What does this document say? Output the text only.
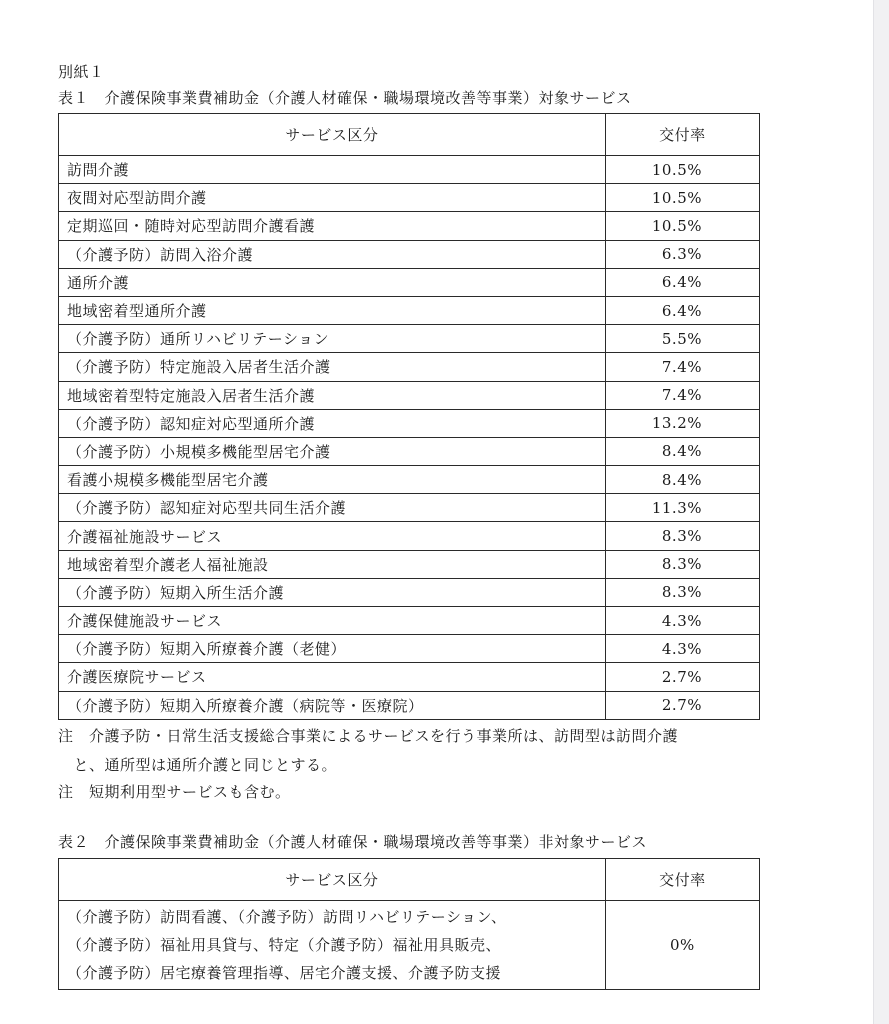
別紙１
表１　介護保険事業費補助金（介護人材確保・職場環境改善等事業）対象サービス
サービス区分	交付率
訪問介護	10.5%
夜間対応型訪問介護	10.5%
定期巡回・随時対応型訪問介護看護	10.5%
（介護予防）訪問入浴介護	6.3%
通所介護	6.4%
地域密着型通所介護	6.4%
（介護予防）通所リハビリテーション	5.5%
（介護予防）特定施設入居者生活介護	7.4%
地域密着型特定施設入居者生活介護	7.4%
（介護予防）認知症対応型通所介護	13.2%
（介護予防）小規模多機能型居宅介護	8.4%
看護小規模多機能型居宅介護	8.4%
（介護予防）認知症対応型共同生活介護	11.3%
介護福祉施設サービス	8.3%
地域密着型介護老人福祉施設	8.3%
（介護予防）短期入所生活介護	8.3%
介護保健施設サービス	4.3%
（介護予防）短期入所療養介護（老健）	4.3%
介護医療院サービス	2.7%
（介護予防）短期入所療養介護（病院等・医療院）	2.7%
注　介護予防・日常生活支援総合事業によるサービスを行う事業所は、訪問型は訪問介護
　と、通所型は通所介護と同じとする。
注　短期利用型サービスも含む。
表２　介護保険事業費補助金（介護人材確保・職場環境改善等事業）非対象サービス
サービス区分	交付率

（介護予防）訪問看護、（介護予防）訪問リハビリテーション、
（介護予防）福祉用具貸与、特定（介護予防）福祉用具販売、
（介護予防）居宅療養管理指導、居宅介護支援、介護予防支援	0%
